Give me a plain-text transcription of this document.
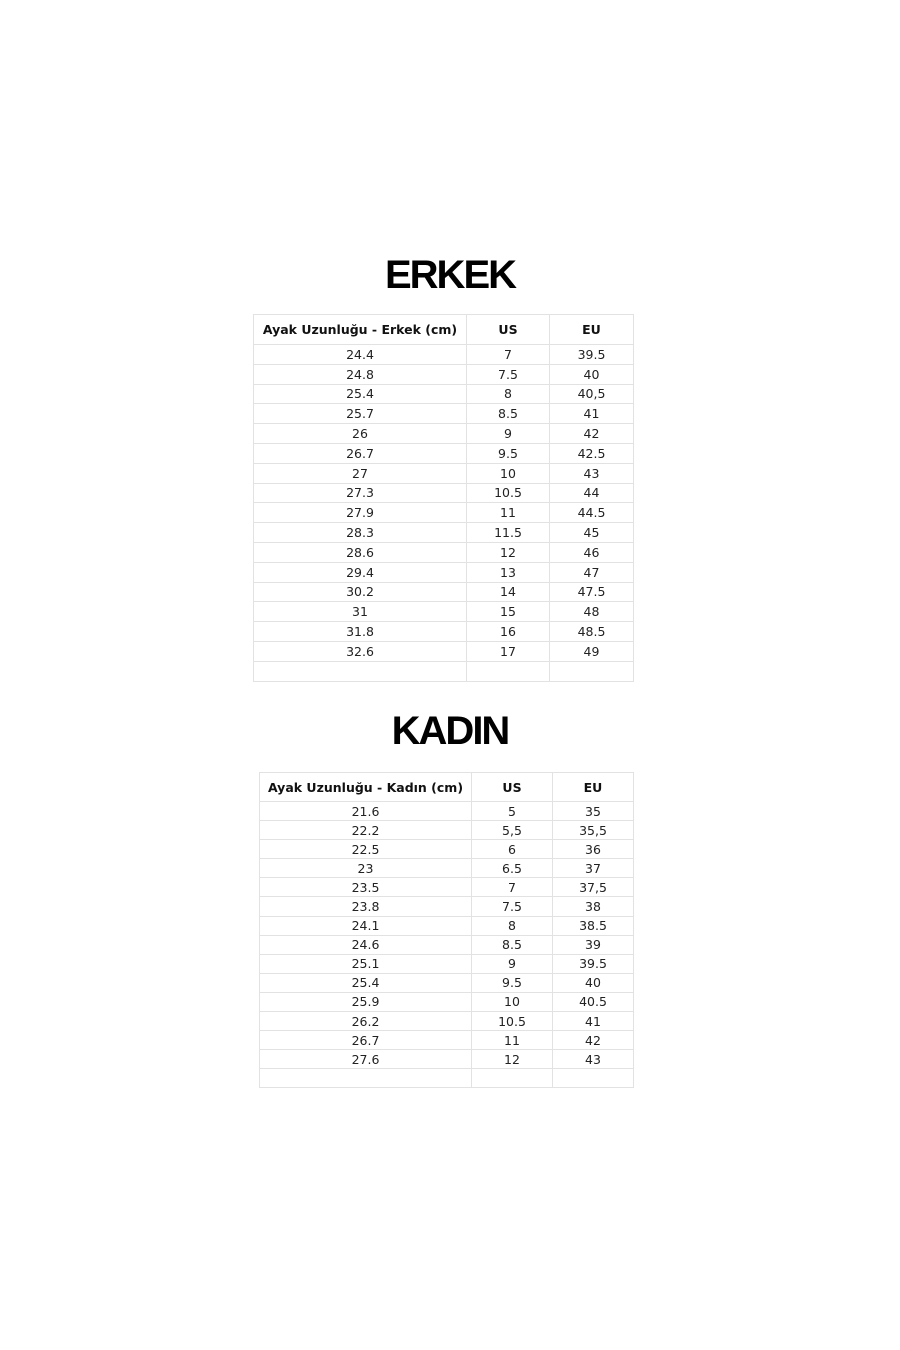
ERKEK
Ayak Uzunluğu - Erkek (cm)	US	EU
24.4	7	39.5
24.8	7.5	40
25.4	8	40,5
25.7	8.5	41
26	9	42
26.7	9.5	42.5
27	10	43
27.3	10.5	44
27.9	11	44.5
28.3	11.5	45
28.6	12	46
29.4	13	47
30.2	14	47.5
31	15	48
31.8	16	48.5
32.6	17	49

KADIN
Ayak Uzunluğu - Kadın (cm)	US	EU
21.6	5	35
22.2	5,5	35,5
22.5	6	36
23	6.5	37
23.5	7	37,5
23.8	7.5	38
24.1	8	38.5
24.6	8.5	39
25.1	9	39.5
25.4	9.5	40
25.9	10	40.5
26.2	10.5	41
26.7	11	42
27.6	12	43
